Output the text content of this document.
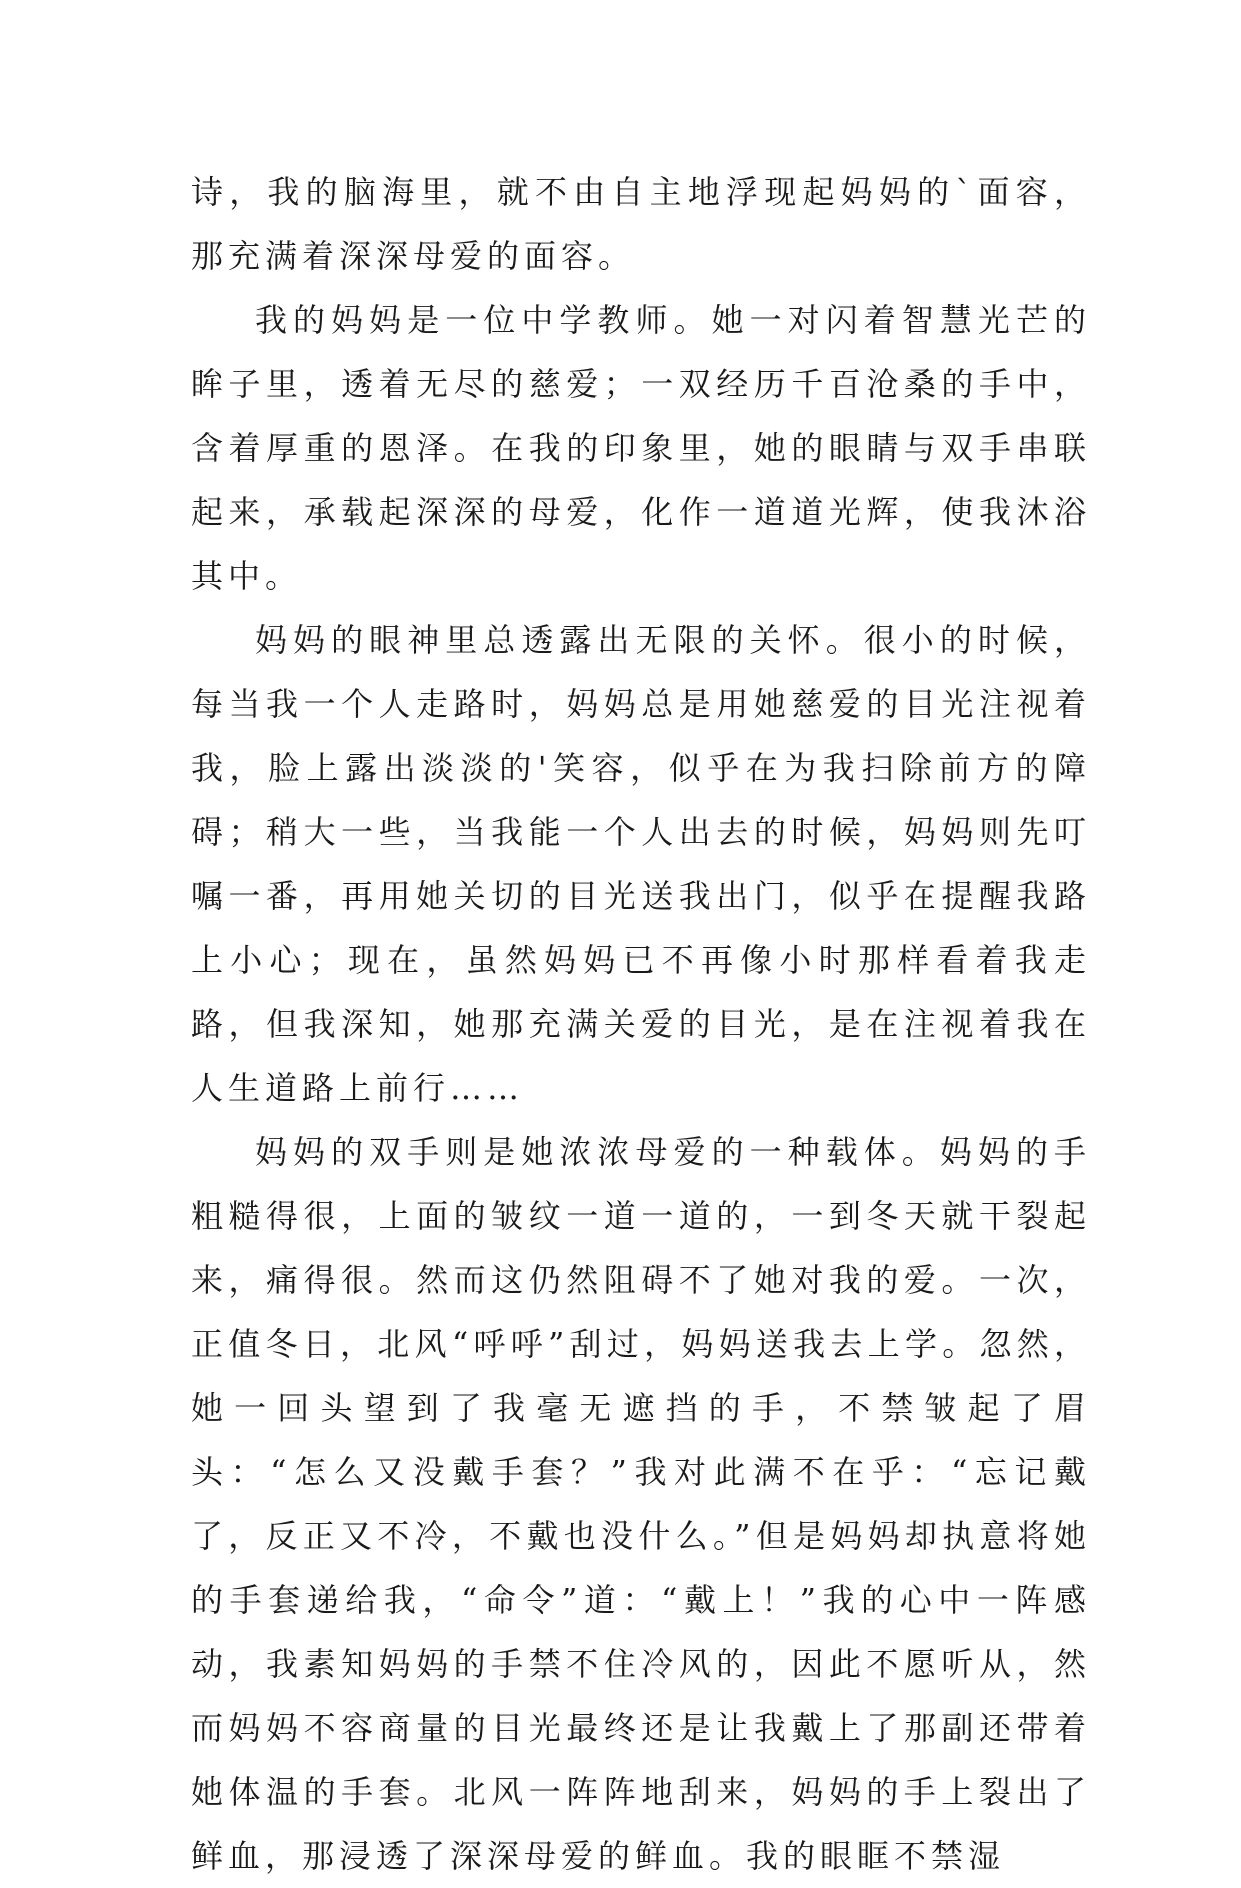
诗，我的脑海里，就不由自主地浮现起妈妈的`面容，那充满着深深母爱的面容。

我的妈妈是一位中学教师。她一对闪着智慧光芒的眸子里，透着无尽的慈爱；一双经历千百沧桑的手中，含着厚重的恩泽。在我的印象里，她的眼睛与双手串联起来，承载起深深的母爱，化作一道道光辉，使我沐浴其中。

妈妈的眼神里总透露出无限的关怀。很小的时候，每当我一个人走路时，妈妈总是用她慈爱的目光注视着我，脸上露出淡淡的'笑容，似乎在为我扫除前方的障碍；稍大一些，当我能一个人出去的时候，妈妈则先叮嘱一番，再用她关切的目光送我出门，似乎在提醒我路上小心；现在，虽然妈妈已不再像小时那样看着我走路，但我深知，她那充满关爱的目光，是在注视着我在人生道路上前行……

妈妈的双手则是她浓浓母爱的一种载体。妈妈的手粗糙得很，上面的皱纹一道一道的，一到冬天就干裂起来，痛得很。然而这仍然阻碍不了她对我的爱。一次，正值冬日，北风“呼呼”刮过，妈妈送我去上学。忽然，她一回头望到了我毫无遮挡的手，不禁皱起了眉头：“怎么又没戴手套？”我对此满不在乎：“忘记戴了，反正又不冷，不戴也没什么。”但是妈妈却执意将她的手套递给我，“命令”道：“戴上！”我的心中一阵感动，我素知妈妈的手禁不住冷风的，因此不愿听从，然而妈妈不容商量的目光最终还是让我戴上了那副还带着她体温的手套。北风一阵阵地刮来，妈妈的手上裂出了鲜血，那浸透了深深母爱的鲜血。我的眼眶不禁湿
